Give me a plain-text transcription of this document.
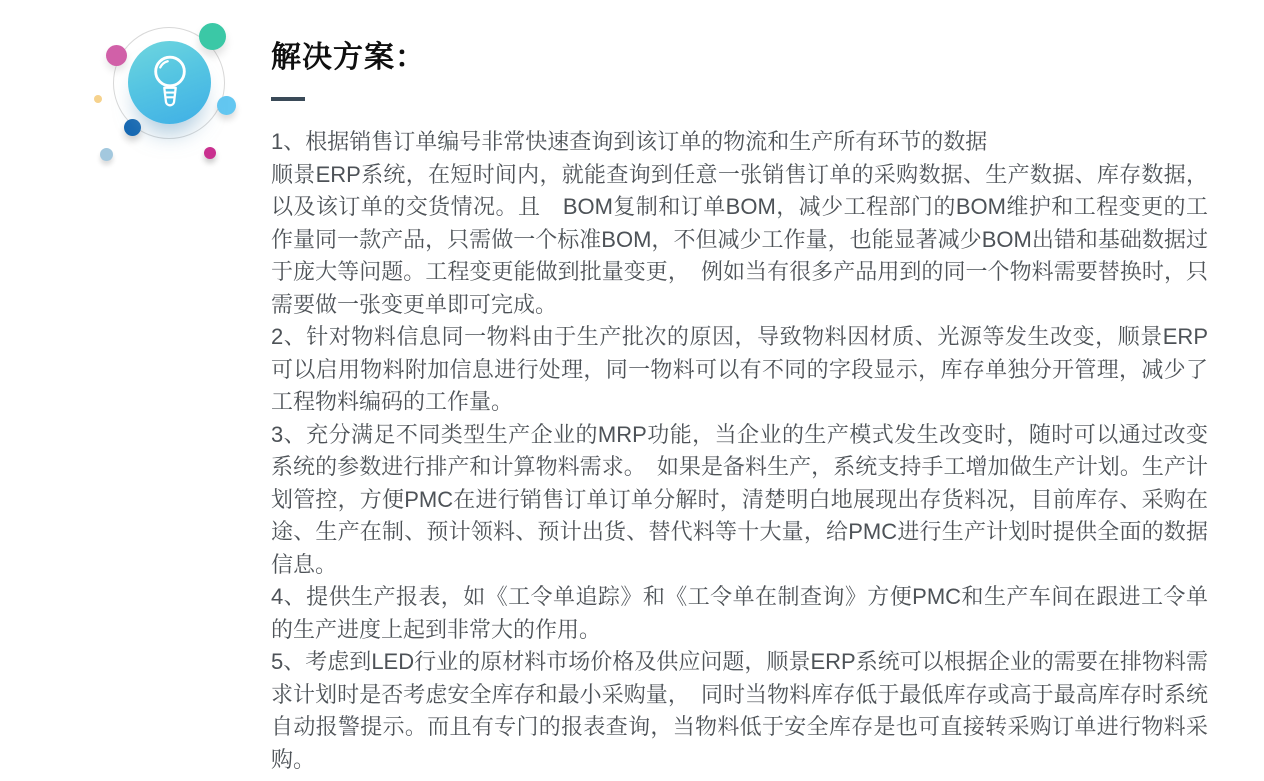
解决方案：

1、根据销售订单编号非常快速查询到该订单的物流和生产所有环节的数据

顺景ERP系统，在短时间内，就能查询到任意一张销售订单的采购数据、生产数据、库存数据，以及该订单的交货情况。且　BOM复制和订单BOM，减少工程部门的BOM维护和工程变更的工作量同一款产品，只需做一个标准BOM，不但减少工作量，也能显著减少BOM出错和基础数据过于庞大等问题。工程变更能做到批量变更，　例如当有很多产品用到的同一个物料需要替换时，只需要做一张变更单即可完成。

2、针对物料信息同一物料由于生产批次的原因，导致物料因材质、光源等发生改变，顺景ERP可以启用物料附加信息进行处理，同一物料可以有不同的字段显示，库存单独分开管理，减少了工程物料编码的工作量。

3、充分满足不同类型生产企业的MRP功能，当企业的生产模式发生改变时，随时可以通过改变系统的参数进行排产和计算物料需求。　如果是备料生产，系统支持手工增加做生产计划。生产计划管控，方便PMC在进行销售订单订单分解时，清楚明白地展现出存货料况，目前库存、采购在途、生产在制、预计领料、预计出货、替代料等十大量，给PMC进行生产计划时提供全面的数据信息。

4、提供生产报表，如《工令单追踪》和《工令单在制查询》方便PMC和生产车间在跟进工令单的生产进度上起到非常大的作用。

5、考虑到LED行业的原材料市场价格及供应问题，顺景ERP系统可以根据企业的需要在排物料需求计划时是否考虑安全库存和最小采购量，　同时当物料库存低于最低库存或高于最高库存时系统自动报警提示。而且有专门的报表查询，当物料低于安全库存是也可直接转采购订单进行物料采购。
